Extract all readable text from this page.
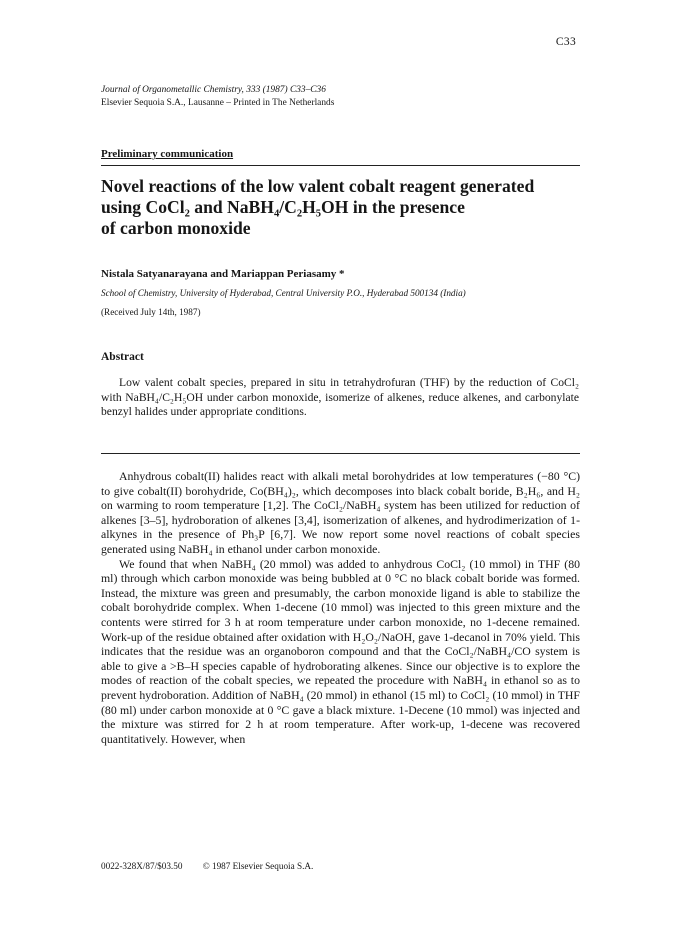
C33
Journal of Organometallic Chemistry, 333 (1987) C33–C36
Elsevier Sequoia S.A., Lausanne – Printed in The Netherlands
Preliminary communication
Novel reactions of the low valent cobalt reagent generated
using CoCl₂ and NaBH₄/C₂H₅OH in the presence
of carbon monoxide
Nistala Satyanarayana and Mariappan Periasamy *
School of Chemistry, University of Hyderabad, Central University P.O., Hyderabad 500134 (India)
(Received July 14th, 1987)
Abstract
Low valent cobalt species, prepared in situ in tetrahydrofuran (THF) by the reduction of CoCl₂ with NaBH₄/C₂H₅OH under carbon monoxide, isomerize of alkenes, reduce alkenes, and carbonylate benzyl halides under appropriate conditions.

Anhydrous cobalt(II) halides react with alkali metal borohydrides at low temperatures (−80 °C) to give cobalt(II) borohydride, Co(BH₄)₂, which decomposes into black cobalt boride, B₂H₆, and H₂ on warming to room temperature [1,2]. The CoCl₂/NaBH₄ system has been utilized for reduction of alkenes [3–5], hydroboration of alkenes [3,4], isomerization of alkenes, and hydrodimerization of 1-alkynes in the presence of Ph₃P [6,7]. We now report some novel reactions of cobalt species generated using NaBH₄ in ethanol under carbon monoxide.

We found that when NaBH₄ (20 mmol) was added to anhydrous CoCl₂ (10 mmol) in THF (80 ml) through which carbon monoxide was being bubbled at 0 °C no black cobalt boride was formed. Instead, the mixture was green and presumably, the carbon monoxide ligand is able to stabilize the cobalt borohydride complex. When 1-decene (10 mmol) was injected to this green mixture and the contents were stirred for 3 h at room temperature under carbon monoxide, no 1-decene remained. Work-up of the residue obtained after oxidation with H₂O₂/NaOH, gave 1-decanol in 70% yield. This indicates that the residue was an organoboron compound and that the CoCl₂/NaBH₄/CO system is able to give a >B–H species capable of hydroborating alkenes. Since our objective is to explore the modes of reaction of the cobalt species, we repeated the procedure with NaBH₄ in ethanol so as to prevent hydroboration. Addition of NaBH₄ (20 mmol) in ethanol (15 ml) to CoCl₂ (10 mmol) in THF (80 ml) under carbon monoxide at 0 °C gave a black mixture. 1-Decene (10 mmol) was injected and the mixture was stirred for 2 h at room temperature. After work-up, 1-decene was recovered quantitatively. However, when

0022-328X/87/$03.50 © 1987 Elsevier Sequoia S.A.
